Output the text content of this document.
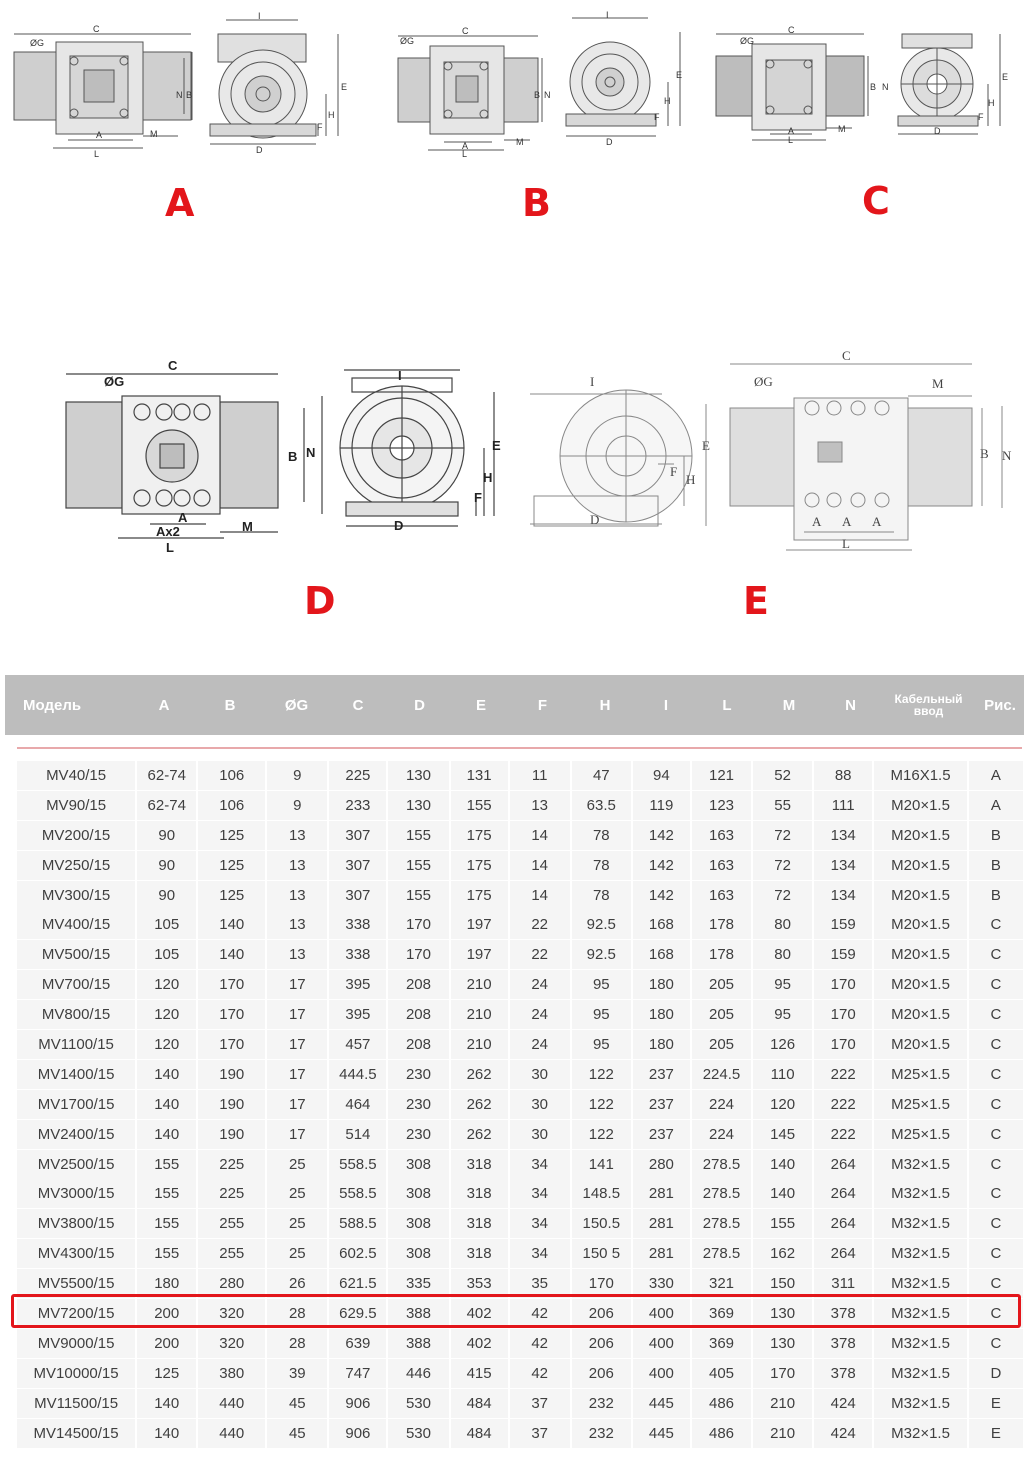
C
ØG
N B
A
L
M
I
E
H
F
D
A
C
ØG
B N
A
L
M
I
E
H
F
D
B
C
ØG
B N
A
L
M
E
H
F
D
C
C
ØG
B N
A
Ax2
L
M
I
E
H
F
D
D
I
E
F
H
D
C
ØG	M
B N
A A A
L
E
Модель	A	B	ØG	C	D	E	F	H	I	L	M	N	Кабельный ввод	Рис.
MV40/15	62-74	106	9	225	130	131	11	47	94	121	52	88	M16X1.5	A
MV90/15	62-74	106	9	233	130	155	13	63.5	119	123	55	111	M20×1.5	A
MV200/15	90	125	13	307	155	175	14	78	142	163	72	134	M20×1.5	B
MV250/15	90	125	13	307	155	175	14	78	142	163	72	134	M20×1.5	B
MV300/15	90	125	13	307	155	175	14	78	142	163	72	134	M20×1.5	B
MV400/15	105	140	13	338	170	197	22	92.5	168	178	80	159	M20×1.5	C
MV500/15	105	140	13	338	170	197	22	92.5	168	178	80	159	M20×1.5	C
MV700/15	120	170	17	395	208	210	24	95	180	205	95	170	M20×1.5	C
MV800/15	120	170	17	395	208	210	24	95	180	205	95	170	M20×1.5	C
MV1100/15	120	170	17	457	208	210	24	95	180	205	126	170	M20×1.5	C
MV1400/15	140	190	17	444.5	230	262	30	122	237	224.5	110	222	M25×1.5	C
MV1700/15	140	190	17	464	230	262	30	122	237	224	120	222	M25×1.5	C
MV2400/15	140	190	17	514	230	262	30	122	237	224	145	222	M25×1.5	C
MV2500/15	155	225	25	558.5	308	318	34	141	280	278.5	140	264	M32×1.5	C
MV3000/15	155	225	25	558.5	308	318	34	148.5	281	278.5	140	264	M32×1.5	C
MV3800/15	155	255	25	588.5	308	318	34	150.5	281	278.5	155	264	M32×1.5	C
MV4300/15	155	255	25	602.5	308	318	34	150 5	281	278.5	162	264	M32×1.5	C
MV5500/15	180	280	26	621.5	335	353	35	170	330	321	150	311	M32×1.5	C
MV7200/15	200	320	28	629.5	388	402	42	206	400	369	130	378	M32×1.5	C
MV9000/15	200	320	28	639	388	402	42	206	400	369	130	378	M32×1.5	C
MV10000/15	125	380	39	747	446	415	42	206	400	405	170	378	M32×1.5	D
MV11500/15	140	440	45	906	530	484	37	232	445	486	210	424	M32×1.5	E
MV14500/15	140	440	45	906	530	484	37	232	445	486	210	424	M32×1.5	E
